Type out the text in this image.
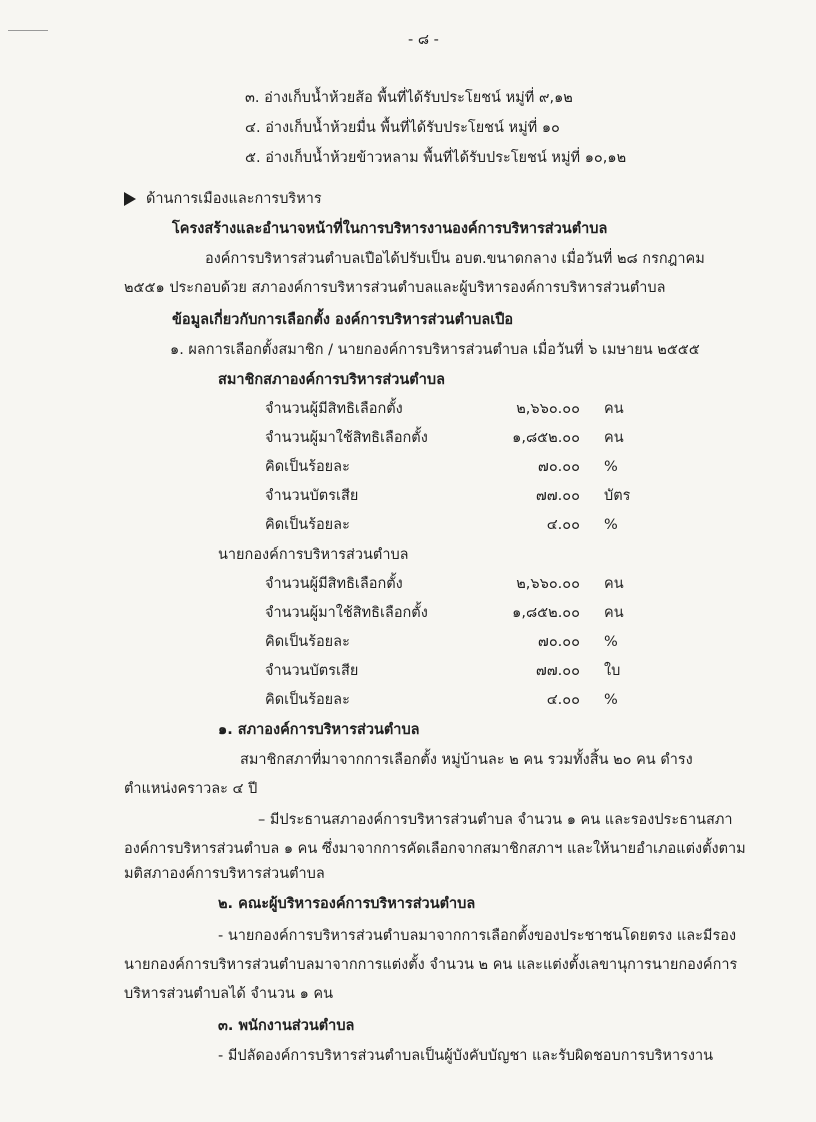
- ๘ -
๓. อ่างเก็บน้ำห้วยส้อ พื้นที่ได้รับประโยชน์ หมู่ที่ ๙,๑๒
๔. อ่างเก็บน้ำห้วยมื่น พื้นที่ได้รับประโยชน์ หมู่ที่ ๑๐
๕. อ่างเก็บน้ำห้วยข้าวหลาม พื้นที่ได้รับประโยชน์ หมู่ที่ ๑๐,๑๒
ด้านการเมืองและการบริหาร
โครงสร้างและอำนาจหน้าที่ในการบริหารงานองค์การบริหารส่วนตำบล
องค์การบริหารส่วนตำบลเปือได้ปรับเป็น อบต.ขนาดกลาง เมื่อวันที่ ๒๘ กรกฎาคม
๒๕๕๑ ประกอบด้วย สภาองค์การบริหารส่วนตำบลและผู้บริหารองค์การบริหารส่วนตำบล
ข้อมูลเกี่ยวกับการเลือกตั้ง องค์การบริหารส่วนตำบลเปือ
๑. ผลการเลือกตั้งสมาชิก / นายกองค์การบริหารส่วนตำบล เมื่อวันที่ ๖ เมษายน ๒๕๕๕
สมาชิกสภาองค์การบริหารส่วนตำบล
จำนวนผู้มีสิทธิเลือกตั้ง	๒,๖๖๐.๐๐ คน
จำนวนผู้มาใช้สิทธิเลือกตั้ง	๑,๘๕๒.๐๐ คน
คิดเป็นร้อยละ	๗๐.๐๐ %
จำนวนบัตรเสีย	๗๗.๐๐ บัตร
คิดเป็นร้อยละ	๔.๐๐ %
นายกองค์การบริหารส่วนตำบล
จำนวนผู้มีสิทธิเลือกตั้ง	๒,๖๖๐.๐๐ คน
จำนวนผู้มาใช้สิทธิเลือกตั้ง	๑,๘๕๒.๐๐ คน
คิดเป็นร้อยละ	๗๐.๐๐ %
จำนวนบัตรเสีย	๗๗.๐๐ ใบ
คิดเป็นร้อยละ	๔.๐๐ %
๑. สภาองค์การบริหารส่วนตำบล
สมาชิกสภาที่มาจากการเลือกตั้ง หมู่บ้านละ ๒ คน รวมทั้งสิ้น ๒๐ คน ดำรง
ตำแหน่งคราวละ ๔ ปี
– มีประธานสภาองค์การบริหารส่วนตำบล จำนวน ๑ คน และรองประธานสภา
องค์การบริหารส่วนตำบล ๑ คน ซึ่งมาจากการคัดเลือกจากสมาชิกสภาฯ และให้นายอำเภอแต่งตั้งตาม
มติสภาองค์การบริหารส่วนตำบล
๒. คณะผู้บริหารองค์การบริหารส่วนตำบล
- นายกองค์การบริหารส่วนตำบลมาจากการเลือกตั้งของประชาชนโดยตรง และมีรอง
นายกองค์การบริหารส่วนตำบลมาจากการแต่งตั้ง จำนวน ๒ คน และแต่งตั้งเลขานุการนายกองค์การ
บริหารส่วนตำบลได้ จำนวน ๑ คน
๓. พนักงานส่วนตำบล
- มีปลัดองค์การบริหารส่วนตำบลเป็นผู้บังคับบัญชา และรับผิดชอบการบริหารงาน
